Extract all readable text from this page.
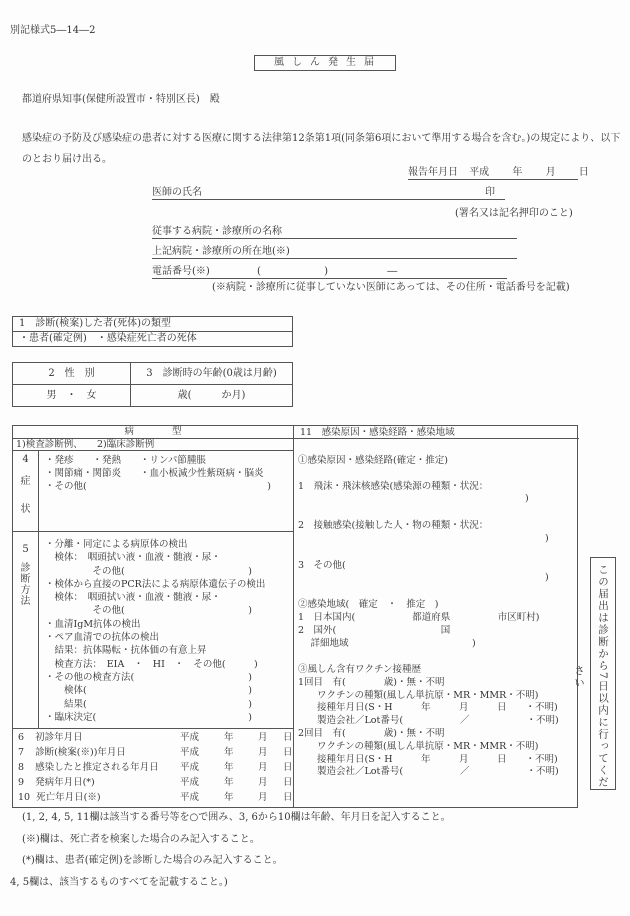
別記様式5―14―2
風しん発生届
都道府県知事(保健所設置市・特別区長)　殿
感染症の予防及び感染症の患者に対する医療に関する法律第12条第1項(同条第6項において準用する場合を含む。)の規定により、以下のとおり届け出る。
報告年月日 平成 年 月 日
医師の氏名	印
(署名又は記名押印のこと)
従事する病院・診療所の名称
上記病院・診療所の所在地(※)
電話番号(※)	(	)	―
(※病院・診療所に従事していない医師にあっては、その住所・電話番号を記載)
1　診断(検案)した者(死体)の類型
・患者(確定例)　・感染症死亡者の死体
2　性　別	3　診断時の年齢(0歳は月齢)
男　・　女	歳(　　　か月)
病　　　　型
1)検査診断例、　　2)臨床診断例
4
症
状
・発疹　　・発熱　　・リンパ節腫脹
・関節痛・関節炎　　・血小板減少性紫斑病・脳炎
・その他(　　　　　　　　　　　　　　　　　　　)
5
診
断
方
法
・分離・同定による病原体の検出
　検体：　咽頭拭い液・血液・髄液・尿・
　　　　　その他(　　　　　　　　　　　　　)
・検体から直接のPCR法による病原体遺伝子の検出
　検体：　咽頭拭い液・血液・髄液・尿・
　　　　　その他(　　　　　　　　　　　　　)
・血清IgM抗体の検出
・ペア血清での抗体の検出
　結果：抗体陽転・抗体価の有意上昇
　検査方法：　EIA　・　HI　・　その他(　　　)
・その他の検査方法(　　　　　　　　　　　　)
　　検体(　　　　　　　　　　　　　　　　　)
　　結果(　　　　　　　　　　　　　　　　　)
・臨床決定(　　　　　　　　　　　　　　　　)
6 初診年月日	平成	年	月 日
7 診断(検案(※))年月日	平成	年	月 日
8 感染したと推定される年月日 平成	年	月 日
9 発病年月日(*)	平成	年	月 日
10 死亡年月日(※)	平成	年	月 日
11　感染原因・感染経路・感染地域
①感染原因・感染経路(確定・推定)
1　飛沫・飛沫核感染(感染源の種類・状況：
)
2　接触感染(接触した人・物の種類・状況：
)
3　その他(
)
②感染地域(　確定　・　推定　)
1　日本国内(　　　　　　都道府県　　　　　市区町村)
2　国外(　　　　　　　　　　　国
　 詳細地域　　　　　　　　　　　　　)
③風しん含有ワクチン接種歴
1回目　有(　　　　歳)・無・不明
　　ワクチンの種類(風しん単抗原・MR・MMR・不明)
　　接種年月日(S・H　　　年　　　月　　　日　　・不明)
　　製造会社／Lot番号(　　　　　　／　　　　　　・不明)
2回目　有(　　　　歳)・無・不明
　　ワクチンの種類(風しん単抗原・MR・MMR・不明)
　　接種年月日(S・H　　　年　　　月　　　日　　・不明)
　　製造会社／Lot番号(　　　　　　／　　　　　　・不明)	この届出は診断から7日以内に行ってください
(1, 2, 4, 5, 11欄は該当する番号等を○で囲み、3, 6から10欄は年齢、年月日を記入すること。
(※)欄は、死亡者を検案した場合のみ記入すること。
(*)欄は、患者(確定例)を診断した場合のみ記入すること。
4, 5欄は、該当するものすべてを記載すること。)
